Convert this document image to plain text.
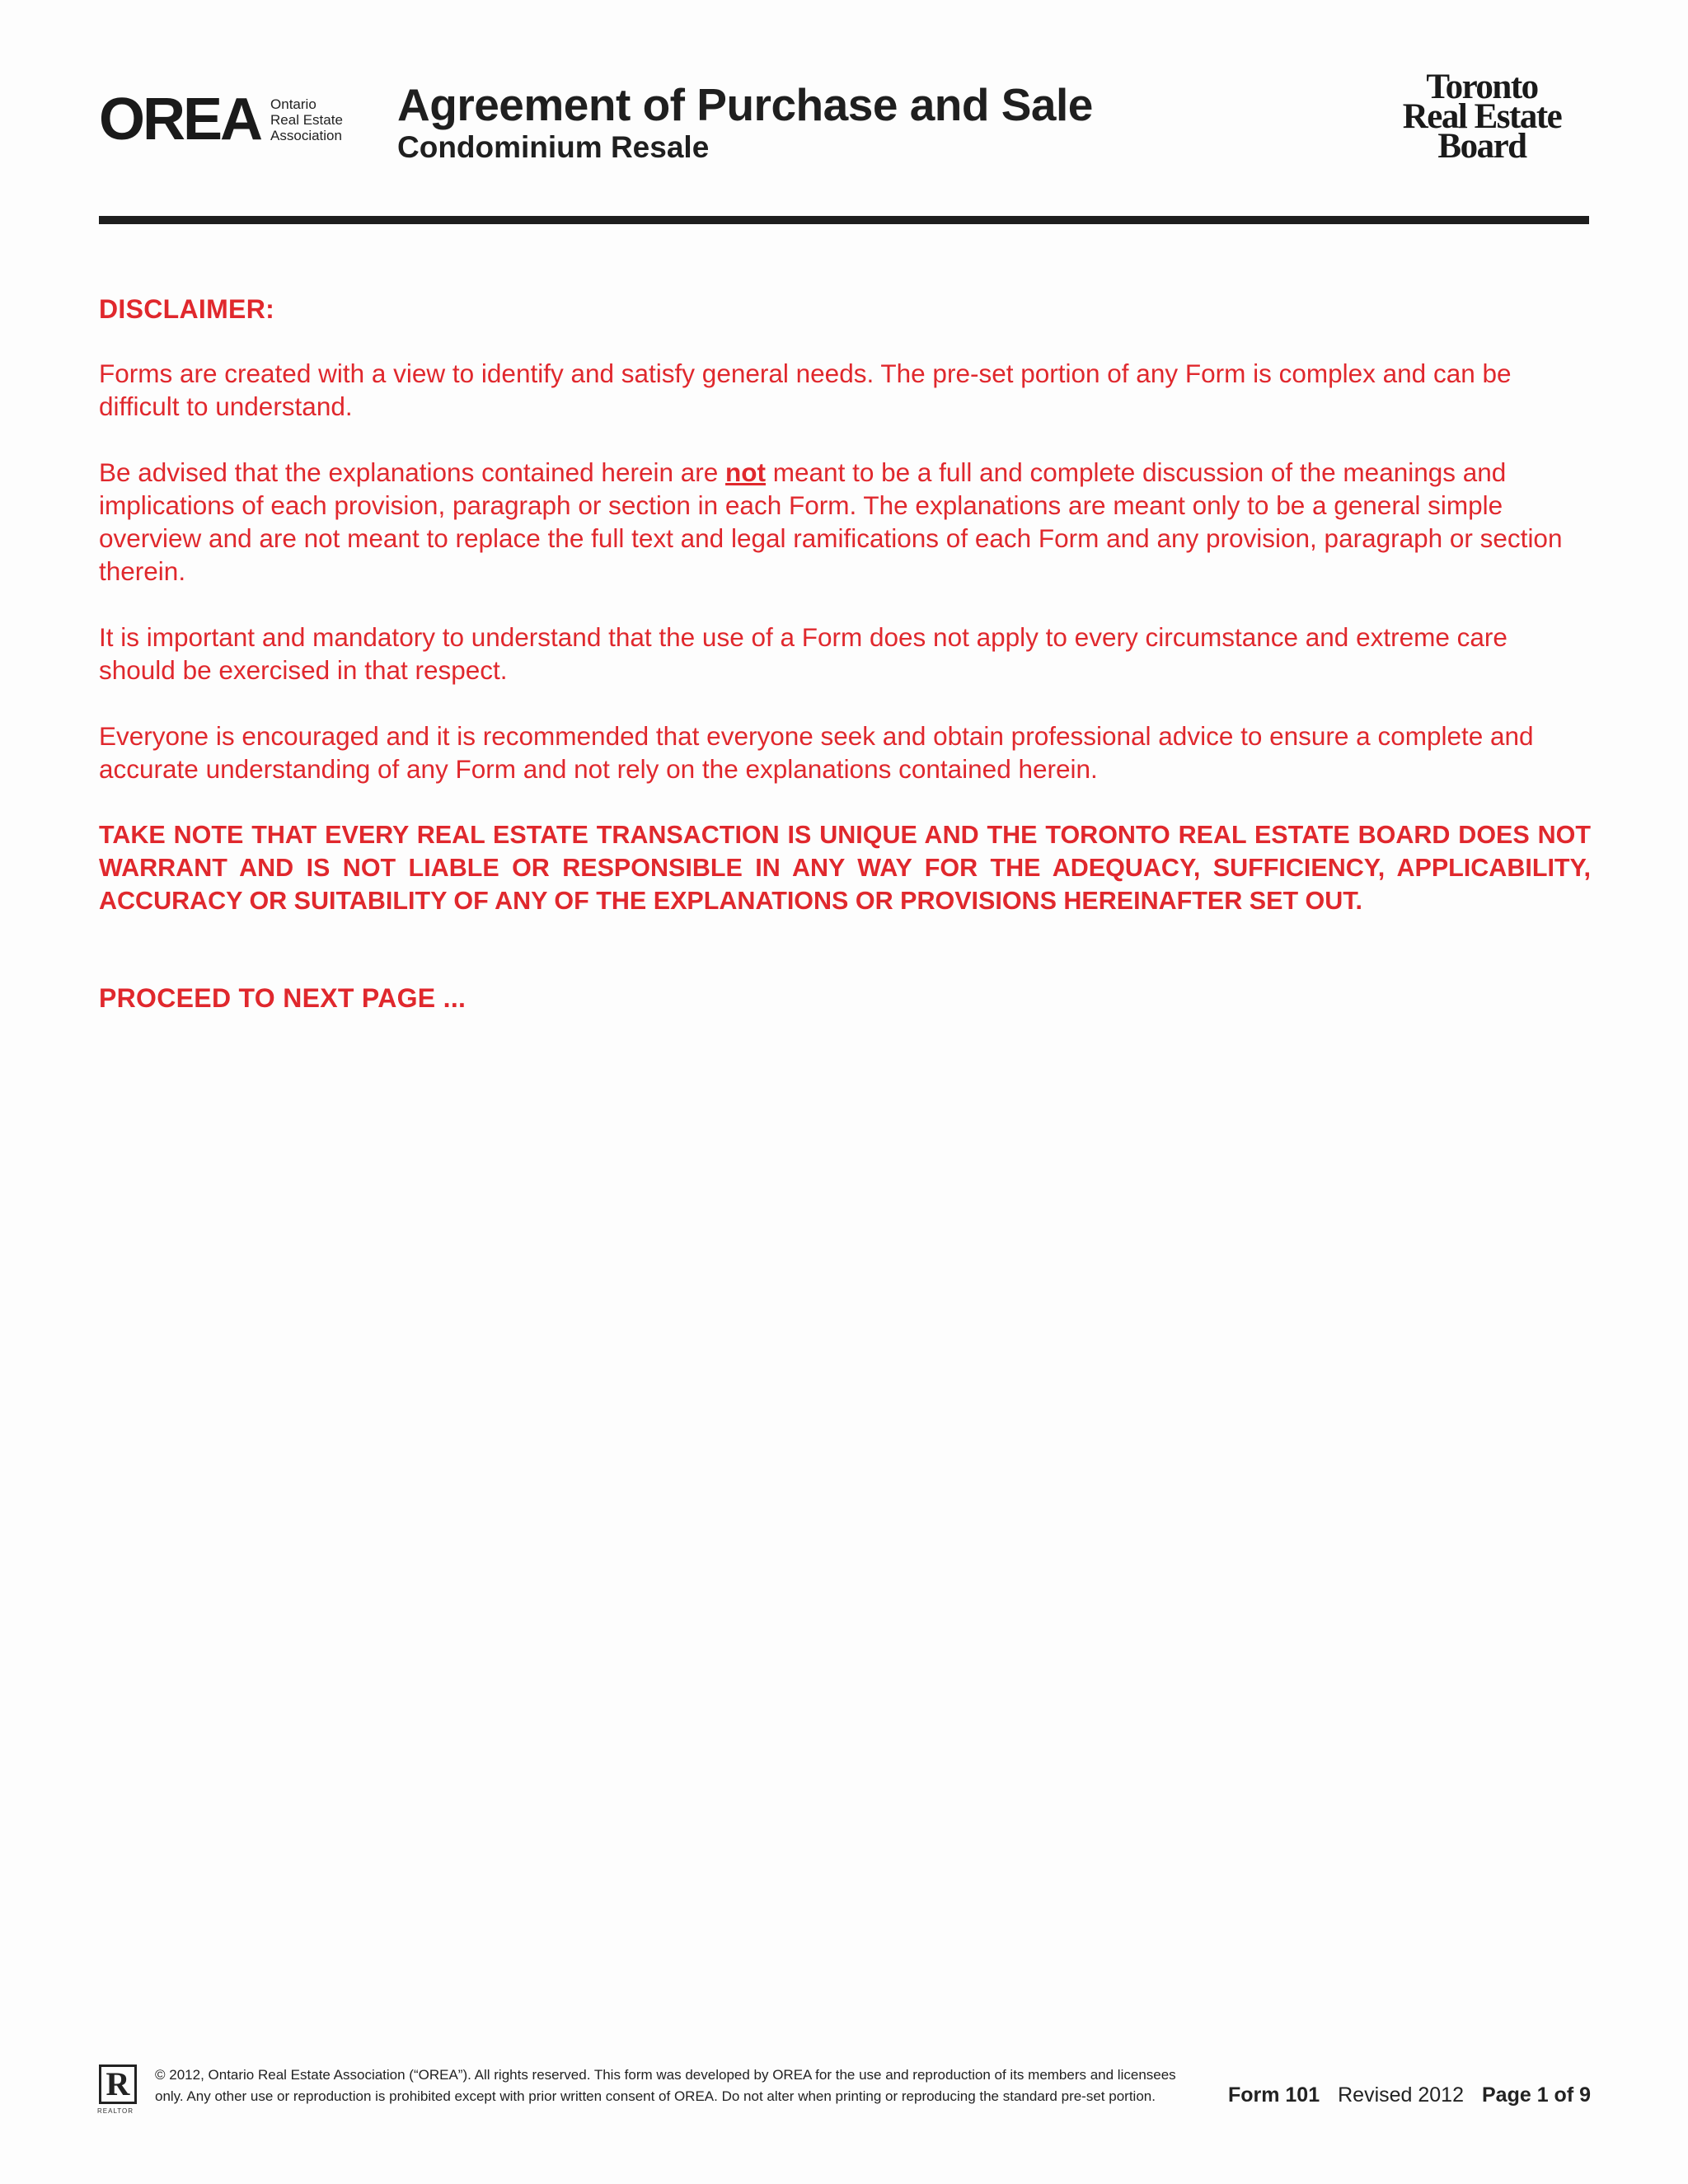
OREA Ontario
Real Estate
Association
Agreement of Purchase and Sale
Condominium Resale
Toronto
Real Estate
Board
DISCLAIMER:

Forms are created with a view to identify and satisfy general needs. The pre-set portion of any Form is complex and can be difficult to understand.

Be advised that the explanations contained herein are not meant to be a full and complete discussion of the meanings and implications of each provision, paragraph or section in each Form. The explanations are meant only to be a general simple overview and are not meant to replace the full text and legal ramifications of each Form and any provision, paragraph or section therein.

It is important and mandatory to understand that the use of a Form does not apply to every circumstance and extreme care should be exercised in that respect.

Everyone is encouraged and it is recommended that everyone seek and obtain professional advice to ensure a complete and accurate understanding of any Form and not rely on the explanations contained herein.

TAKE NOTE THAT EVERY REAL ESTATE TRANSACTION IS UNIQUE AND THE TORONTO REAL ESTATE BOARD DOES NOT WARRANT AND IS NOT LIABLE OR RESPONSIBLE IN ANY WAY FOR THE ADEQUACY, SUFFICIENCY, APPLICABILITY, ACCURACY OR SUITABILITY OF ANY OF THE EXPLANATIONS OR PROVISIONS HEREINAFTER SET OUT.

PROCEED TO NEXT PAGE ...
R
REALTOR
© 2012, Ontario Real Estate Association (“OREA”). All rights reserved. This form was developed by OREA for the use and reproduction of its members and licensees
only. Any other use or reproduction is prohibited except with prior written consent of OREA. Do not alter when printing or reproducing the standard pre-set portion.	Form 101 Revised 2012 Page 1 of 9
